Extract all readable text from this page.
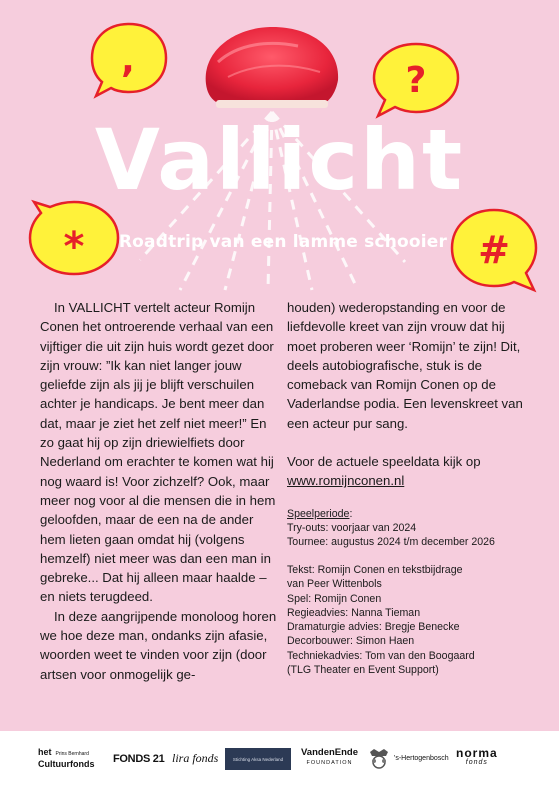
,	?
*	#
Vallicht
Roadtrip van een lamme schooier

In VALLICHT vertelt acteur Romijn Conen het ontroerende verhaal van een vijftiger die uit zijn huis wordt gezet door zijn vrouw: ”Ik kan niet langer jouw geliefde zijn als jij je blijft verschuilen achter je handicaps. Je bent meer dan dat, maar je ziet het zelf niet meer!” En zo gaat hij op zijn driewielfiets door Nederland om erachter te komen wat hij nog waard is! Voor zichzelf? Ook, maar meer nog voor al die mensen die in hem geloofden, maar de een na de ander hem lieten gaan omdat hij (volgens hemzelf) niet meer was dan een man in gebreke... Dat hij alleen maar haalde – en niets terugdeed.

In deze aangrijpende monoloog horen we hoe deze man, ondanks zijn afasie, woorden weet te vinden voor zijn (door artsen voor onmogelijk ge-

houden) wederopstanding en voor de liefdevolle kreet van zijn vrouw dat hij moet proberen weer ‘Romijn’ te zijn! Dit, deels autobiografische, stuk is de comeback van Romijn Conen op de Vaderlandse podia. Een levenskreet van een acteur pur sang.

Voor de actuele speeldata kijk op

www.romijnconen.nl

Speelperiode:

Try-outs: voorjaar van 2024

Tournee: augustus 2024 t/m december 2026

Tekst: Romijn Conen en tekstbijdrage

van Peer Wittenbols

Spel: Romijn Conen

Regieadvies: Nanna Tieman

Dramaturgie advies: Bregje Benecke

Decorbouwer: Simon Haen

Techniekadvies: Tom van den Boogaard

(TLG Theater en Event Support)

het Prins Bernhard
Cultuurfonds FONDS 21 lira fonds	Stichting Aksa Nederland
VandenEnde
FOUNDATION
's-Hertogenbosch norma
fonds
